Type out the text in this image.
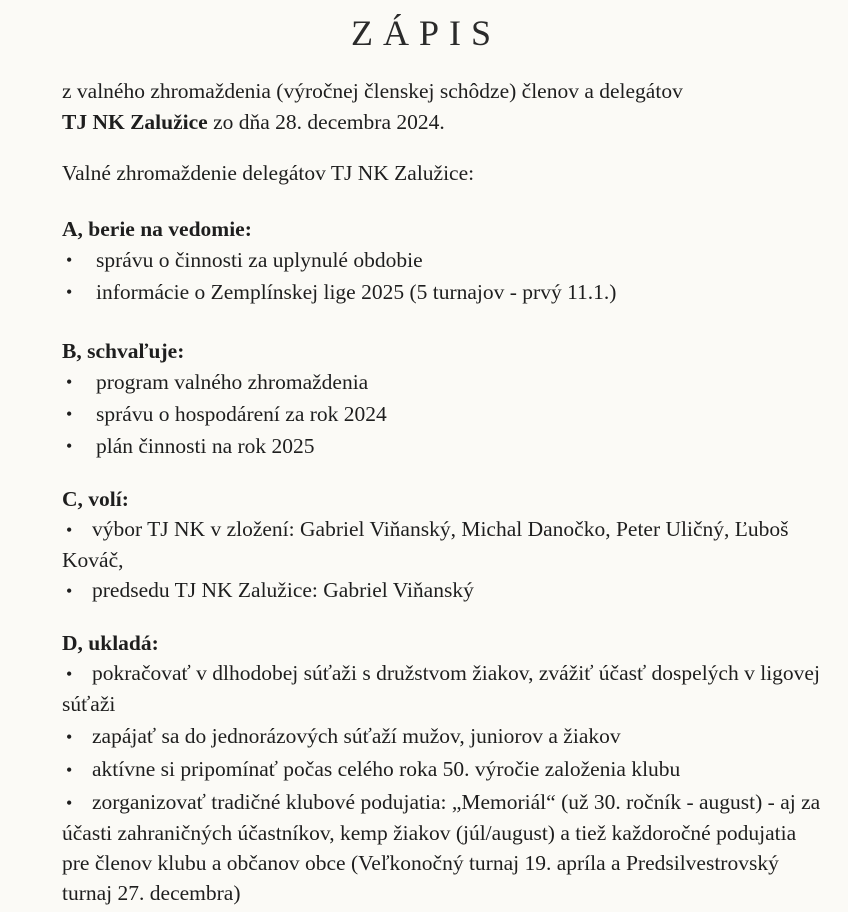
ZÁPIS
z valného zhromaždenia (výročnej členskej schôdze) členov a delegátov
TJ NK Zalužice zo dňa 28. decembra 2024.
Valné zhromaždenie delegátov TJ NK Zalužice:
A, berie na vedomie:
• správu o činnosti za uplynulé obdobie
• informácie o Zemplínskej lige 2025 (5 turnajov - prvý 11.1.)
B, schvaľuje:
• program valného zhromaždenia
• správu o hospodárení za rok 2024
• plán činnosti na rok 2025
C, volí:
• výbor TJ NK v zložení: Gabriel Viňanský, Michal Danočko, Peter Uličný, Ľuboš Kováč,
• predsedu TJ NK Zalužice: Gabriel Viňanský
D, ukladá:
• pokračovať v dlhodobej súťaži s družstvom žiakov, zvážiť účasť dospelých v ligovej súťaži
• zapájať sa do jednorázových súťaží mužov, juniorov a žiakov
• aktívne si pripomínať počas celého roka 50. výročie založenia klubu
• zorganizovať tradičné klubové podujatia: „Memoriál“ (už 30. ročník - august) - aj za účasti zahraničných účastníkov, kemp žiakov (júl/august) a tiež každoročné podujatia pre členov klubu a občanov obce (Veľkonočný turnaj 19. apríla a Predsilvestrovský turnaj 27. decembra)
